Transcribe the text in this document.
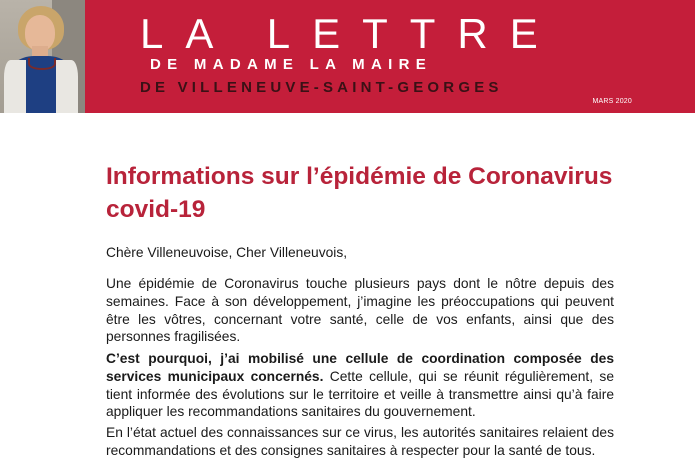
LA LETTRE
DE MADAME LA MAIRE
DE VILLENEUVE-SAINT-GEORGES
MARS 2020
Informations sur l’épidémie de Coronavirus covid-19

Chère Villeneuvoise, Cher Villeneuvois,

Une épidémie de Coronavirus touche plusieurs pays dont le nôtre depuis des semaines. Face à son développement, j’imagine les préoccupations qui peuvent être les vôtres, concernant votre santé, celle de vos enfants, ainsi que des personnes fragilisées.

C’est pourquoi, j’ai mobilisé une cellule de coordination composée des services municipaux concernés. Cette cellule, qui se réunit régulièrement, se tient informée des évolutions sur le territoire et veille à transmettre ainsi qu’à faire appliquer les recommandations sanitaires du gouvernement.

En l’état actuel des connaissances sur ce virus, les autorités sanitaires relaient des recommandations et des consignes sanitaires à respecter pour la santé de tous.
